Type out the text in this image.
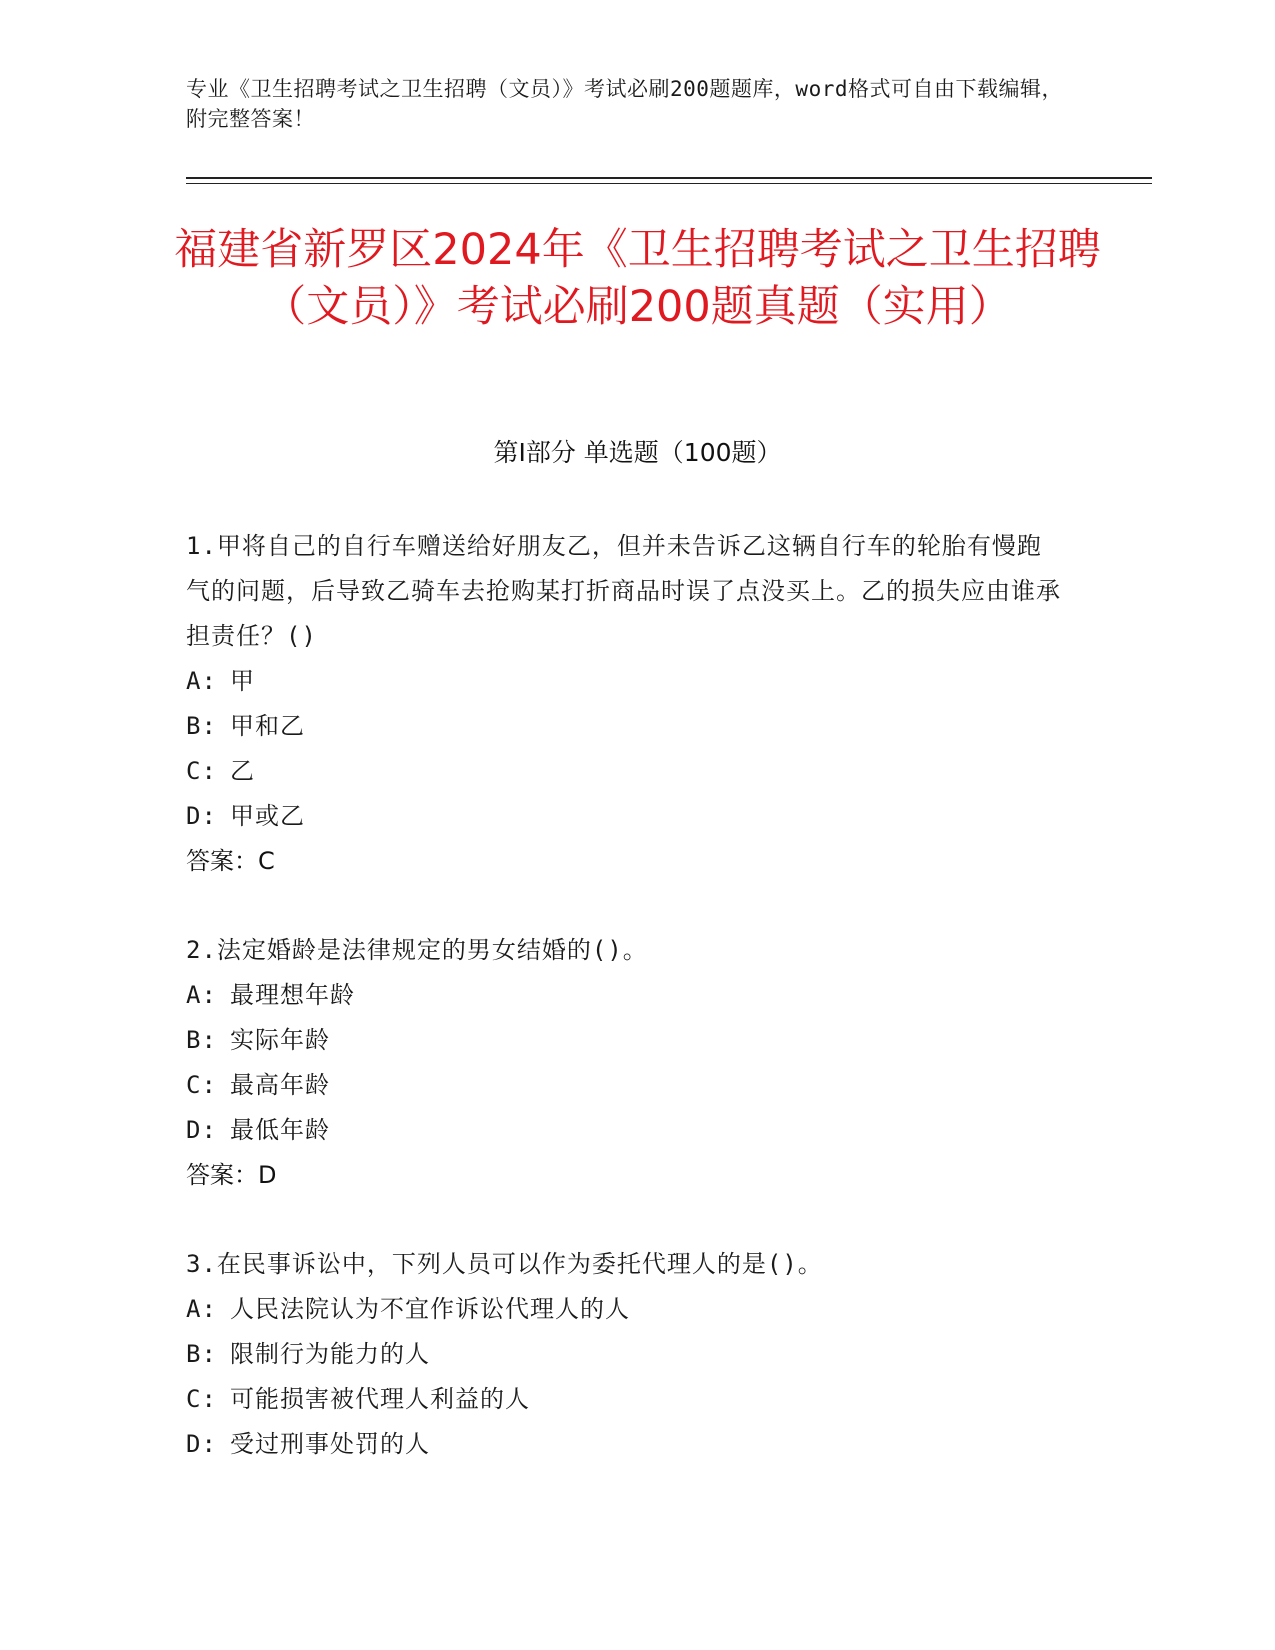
专业《卫生招聘考试之卫生招聘（文员）》考试必刷200题题库，word格式可自由下载编辑，附完整答案！
福建省新罗区2024年《卫生招聘考试之卫生招聘（文员）》考试必刷200题真题（实用）
第Ⅰ部分 单选题（100题）
1.甲将自己的自行车赠送给好朋友乙，但并未告诉乙这辆自行车的轮胎有慢跑气的问题，后导致乙骑车去抢购某打折商品时误了点没买上。乙的损失应由谁承担责任？()
A: 甲
B: 甲和乙
C: 乙
D: 甲或乙
答案：C
2.法定婚龄是法律规定的男女结婚的()。
A: 最理想年龄
B: 实际年龄
C: 最高年龄
D: 最低年龄
答案：D
3.在民事诉讼中，下列人员可以作为委托代理人的是()。
A: 人民法院认为不宜作诉讼代理人的人
B: 限制行为能力的人
C: 可能损害被代理人利益的人
D: 受过刑事处罚的人
